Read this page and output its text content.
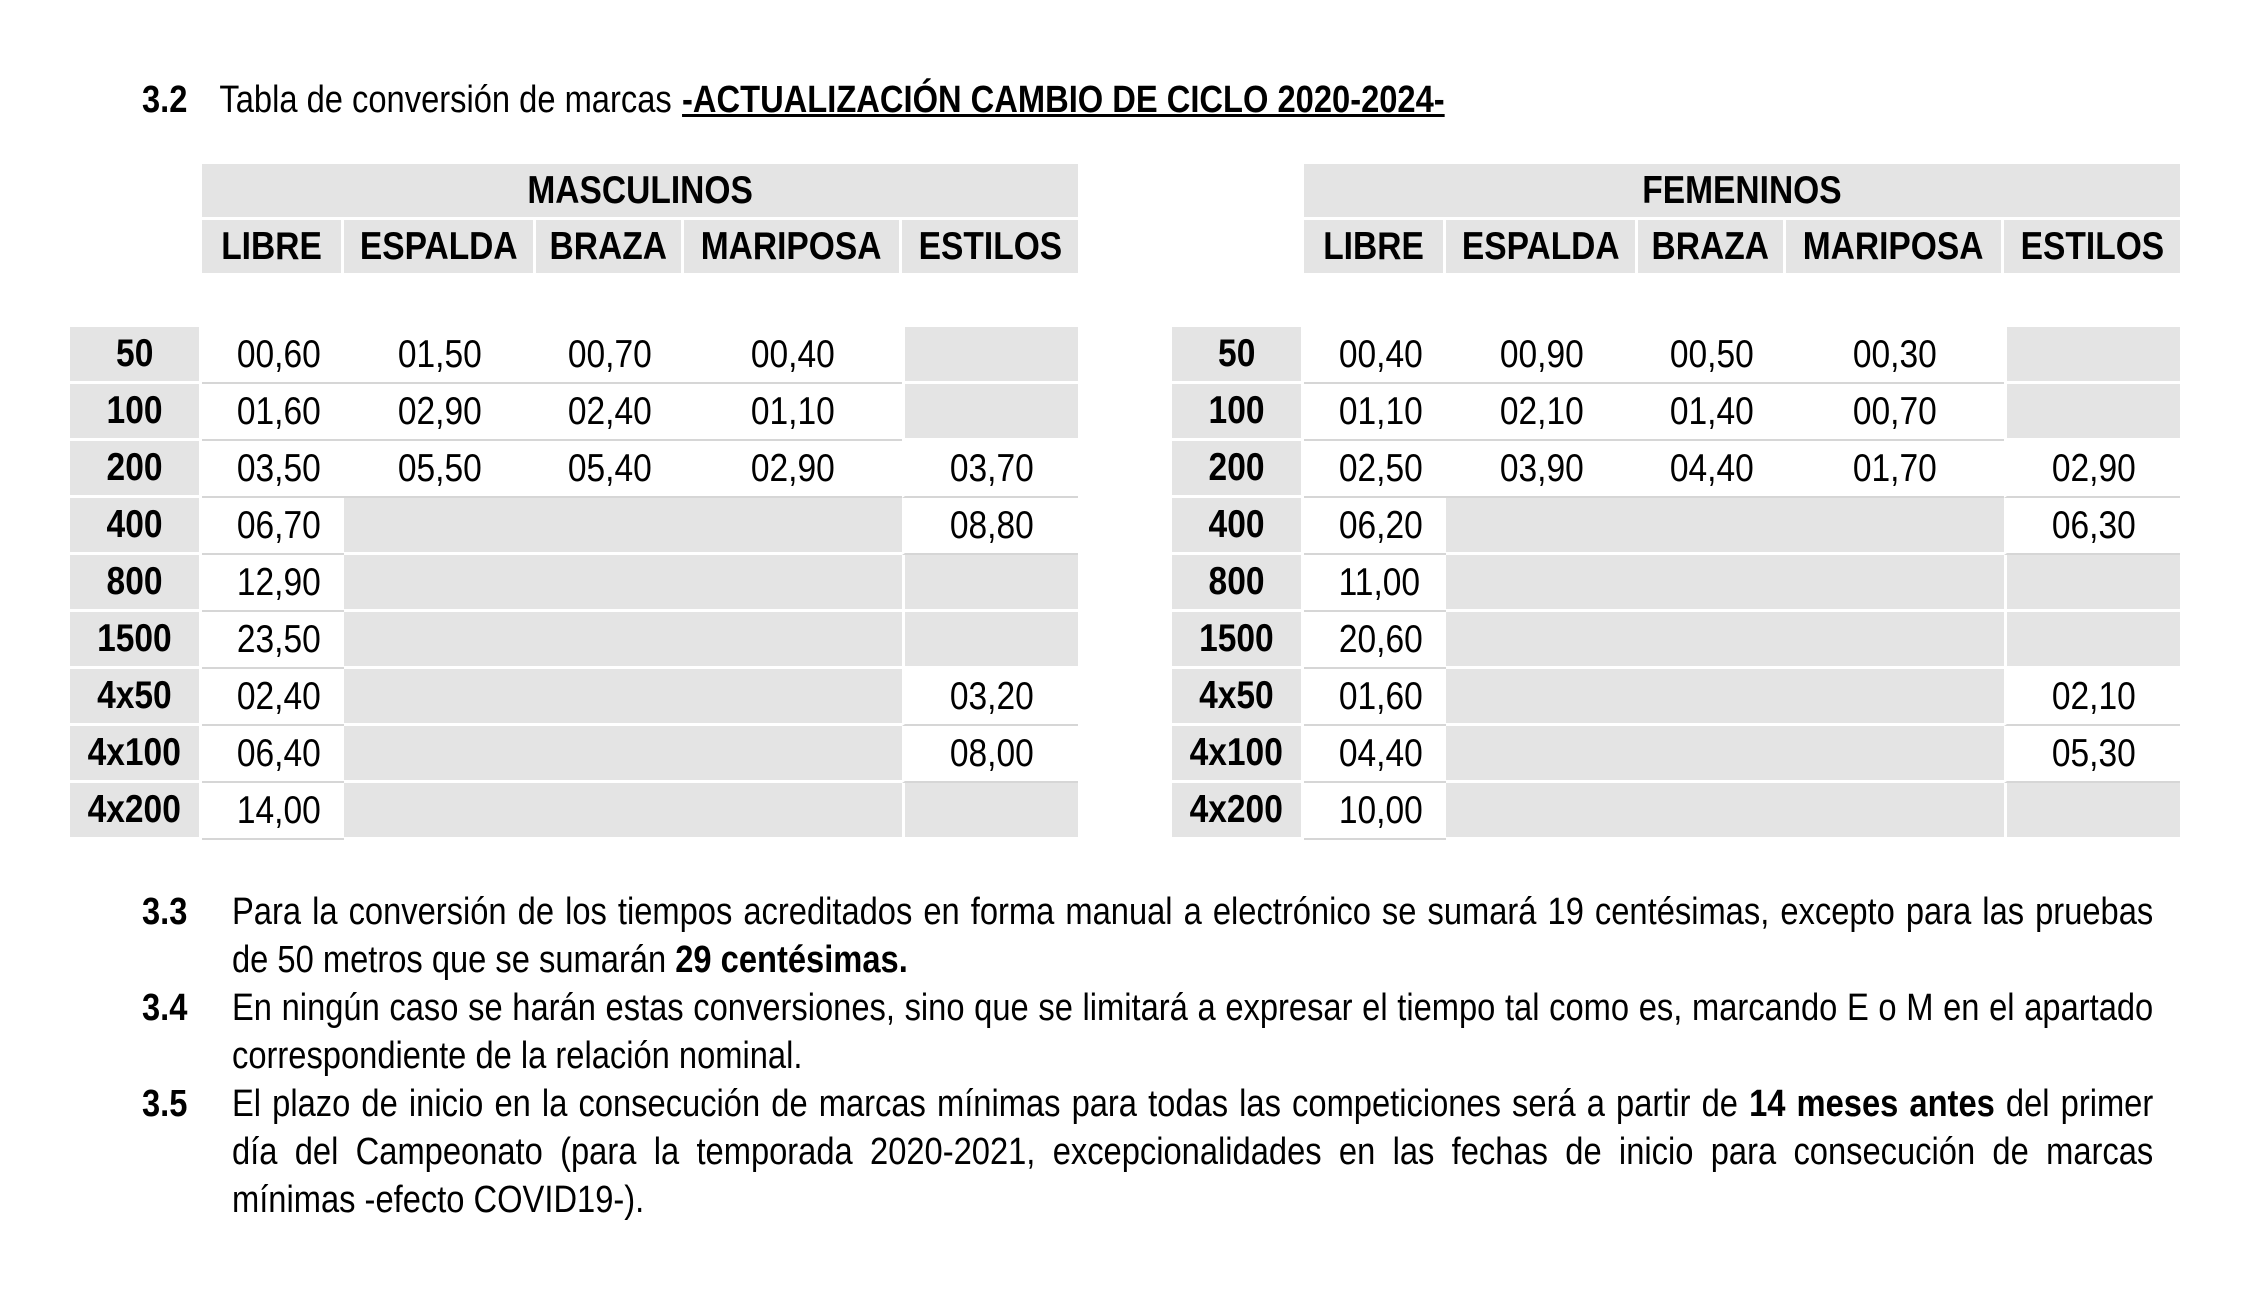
3.2 Tabla de conversión de marcas -ACTUALIZACIÓN CAMBIO DE CICLO 2020-2024-
	MASCULINOS				
	LIBRE	ESPALDA	BRAZA	MARIPOSA	ESTILOS

50	00,60	01,50	00,70	00,40	
100	01,60	02,90	02,40	01,10	
200	03,50	05,50	05,40	02,90	03,70
400	06,70				08,80
800	12,90				
1500	23,50				
4x50	02,40				03,20
4x100	06,40				08,00
4x200	14,00				
	FEMENINOS				
	LIBRE	ESPALDA	BRAZA	MARIPOSA	ESTILOS

50	00,40	00,90	00,50	00,30	
100	01,10	02,10	01,40	00,70	
200	02,50	03,90	04,40	01,70	02,90
400	06,20				06,30
800	11,00				
1500	20,60				
4x50	01,60				02,10
4x100	04,40				05,30
4x200	10,00				
3.3	Para la conversión de los tiempos acreditados en forma manual a electrónico se sumará 19 centésimas, excepto para las pruebas de 50 metros que se sumarán 29 centésimas.
3.4	En ningún caso se harán estas conversiones, sino que se limitará a expresar el tiempo tal como es, marcando E o M en el apartado correspondiente de la relación nominal.
3.5	El plazo de inicio en la consecución de marcas mínimas para todas las competiciones será a partir de 14 meses antes del primer día del Campeonato (para la temporada 2020-2021, excepcionalidades en las fechas de inicio para consecución de marcas mínimas -efecto COVID19-).
